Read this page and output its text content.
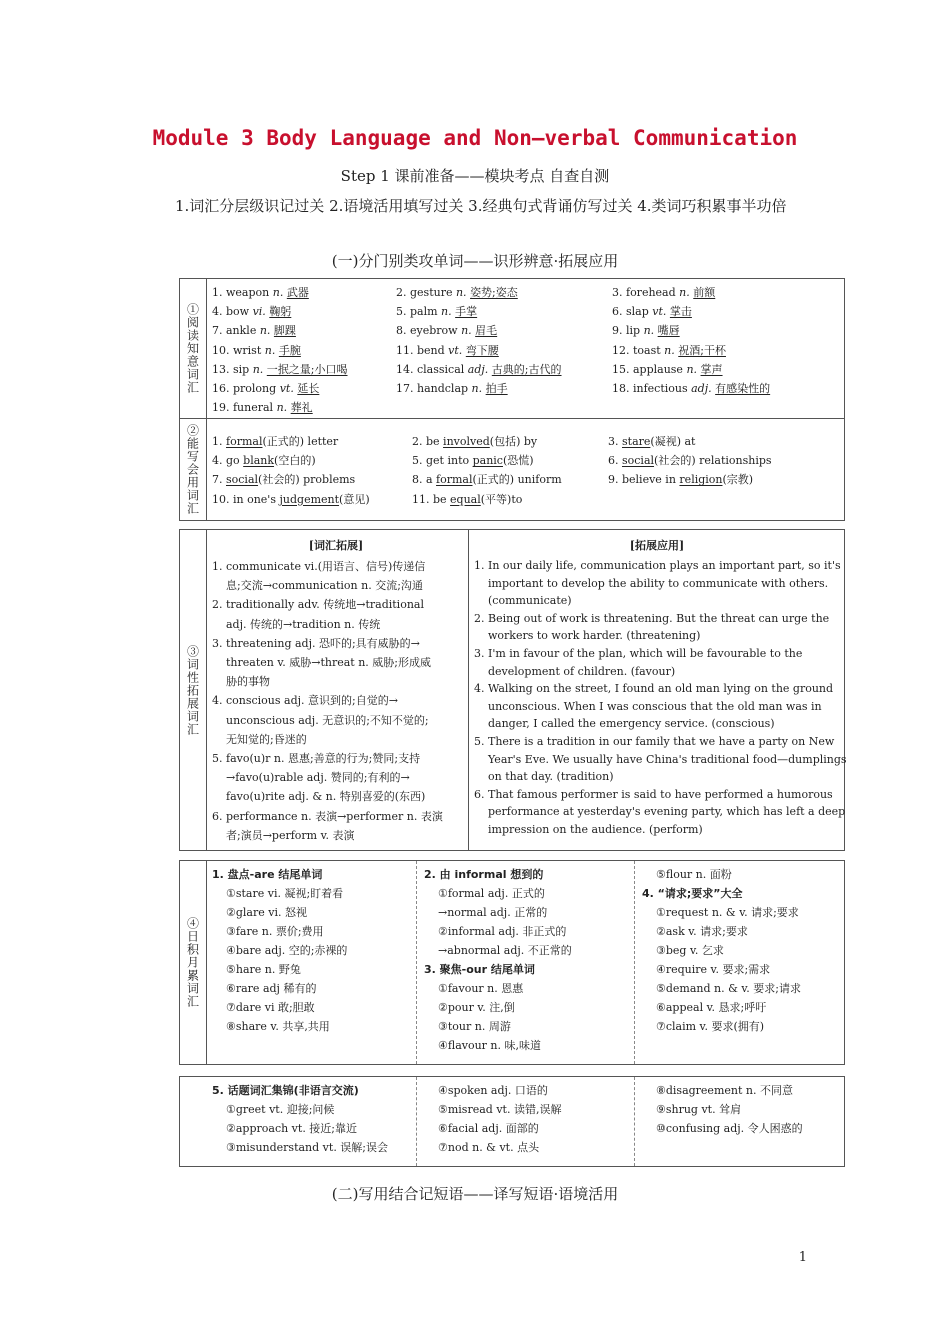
Module 3 Body Language and Non—verbal Communication
Step 1 课前准备——模块考点 自查自测
1.词汇分层级识记过关 2.语境活用填写过关 3.经典句式背诵仿写过关 4.类词巧积累事半功倍
(一)分门别类攻单词——识形辨意·拓展应用
①阅读知意词汇
1. weapon n. 武器	2. gesture n. 姿势;姿态	3. forehead n. 前额
4. bow vi. 鞠躬	5. palm n. 手掌	6. slap vt. 掌击
7. ankle n. 脚踝	8. eyebrow n. 眉毛	9. lip n. 嘴唇
10. wrist n. 手腕	11. bend vt. 弯下腰	12. toast n. 祝酒;干杯
13. sip n. 一抿之量;小口喝	14. classical adj. 古典的;古代的	15. applause n. 掌声
16. prolong vt. 延长	17. handclap n. 拍手	18. infectious adj. 有感染性的
19. funeral n. 葬礼
②能写会用词汇 1. formal(正式的) letter	2. be involved(包括) by	3. stare(凝视) at
4. go blank(空白的)	5. get into panic(恐慌)	6. social(社会的) relationships
7. social(社会的) problems	8. a formal(正式的) uniform	9. believe in religion(宗教)
10. in one's judgement(意见)	11. be equal(平等)to
③词性拓展词汇
[词汇拓展]
1. communicate vi.(用语言、信号)传递信
息;交流→communication n. 交流;沟通
2. traditionally adv. 传统地→traditional
adj. 传统的→tradition n. 传统
3. threatening adj. 恐吓的;具有威胁的→
threaten v. 威胁→threat n. 威胁;形成威
胁的事物
4. conscious adj. 意识到的;自觉的→
unconscious adj. 无意识的;不知不觉的;
无知觉的;昏迷的
5. favo(u)r n. 恩惠;善意的行为;赞同;支持
→favo(u)rable adj. 赞同的;有利的→
favo(u)rite adj. & n. 特别喜爱的(东西)
6. performance n. 表演→performer n. 表演
者;演员→perform v. 表演
[拓展应用]
1. In our daily life, communication plays an important part, so it's
important to develop the ability to communicate with others.
(communicate)
2. Being out of work is threatening. But the threat can urge the
workers to work harder. (threatening)
3. I'm in favour of the plan, which will be favourable to the
development of children. (favour)
4. Walking on the street, I found an old man lying on the ground
unconscious. When I was conscious that the old man was in
danger, I called the emergency service. (conscious)
5. There is a tradition in our family that we have a party on New
Year's Eve. We usually have China's traditional food—dumplings
on that day. (tradition)
6. That famous performer is said to have performed a humorous
performance at yesterday's evening party, which has left a deep
impression on the audience. (perform)
④日积月累词汇
1. 盘点-are 结尾单词
①stare vi. 凝视;盯着看
②glare vi. 怒视
③fare n. 票价;费用
④bare adj. 空的;赤裸的
⑤hare n. 野兔
⑥rare adj 稀有的
⑦dare vi 敢;胆敢
⑧share v. 共享,共用
2. 由 informal 想到的
①formal adj. 正式的
→normal adj. 正常的
②informal adj. 非正式的
→abnormal adj. 不正常的
3. 聚焦-our 结尾单词
①favour n. 恩惠
②pour v. 注,倒
③tour n. 周游
④flavour n. 味,味道
⑤flour n. 面粉
4. “请求;要求”大全
①request n. & v. 请求;要求
②ask v. 请求;要求
③beg v. 乞求
④require v. 要求;需求
⑤demand n. & v. 要求;请求
⑥appeal v. 恳求;呼吁
⑦claim v. 要求(拥有)
5. 话题词汇集锦(非语言交流)
①greet vt. 迎接;问候
②approach vt. 接近;靠近
③misunderstand vt. 误解;误会
④spoken adj. 口语的
⑤misread vt. 读错,误解
⑥facial adj. 面部的
⑦nod n. & vt. 点头
⑧disagreement n. 不同意
⑨shrug vt. 耸肩
⑩confusing adj. 令人困惑的
(二)写用结合记短语——译写短语·语境活用
1
